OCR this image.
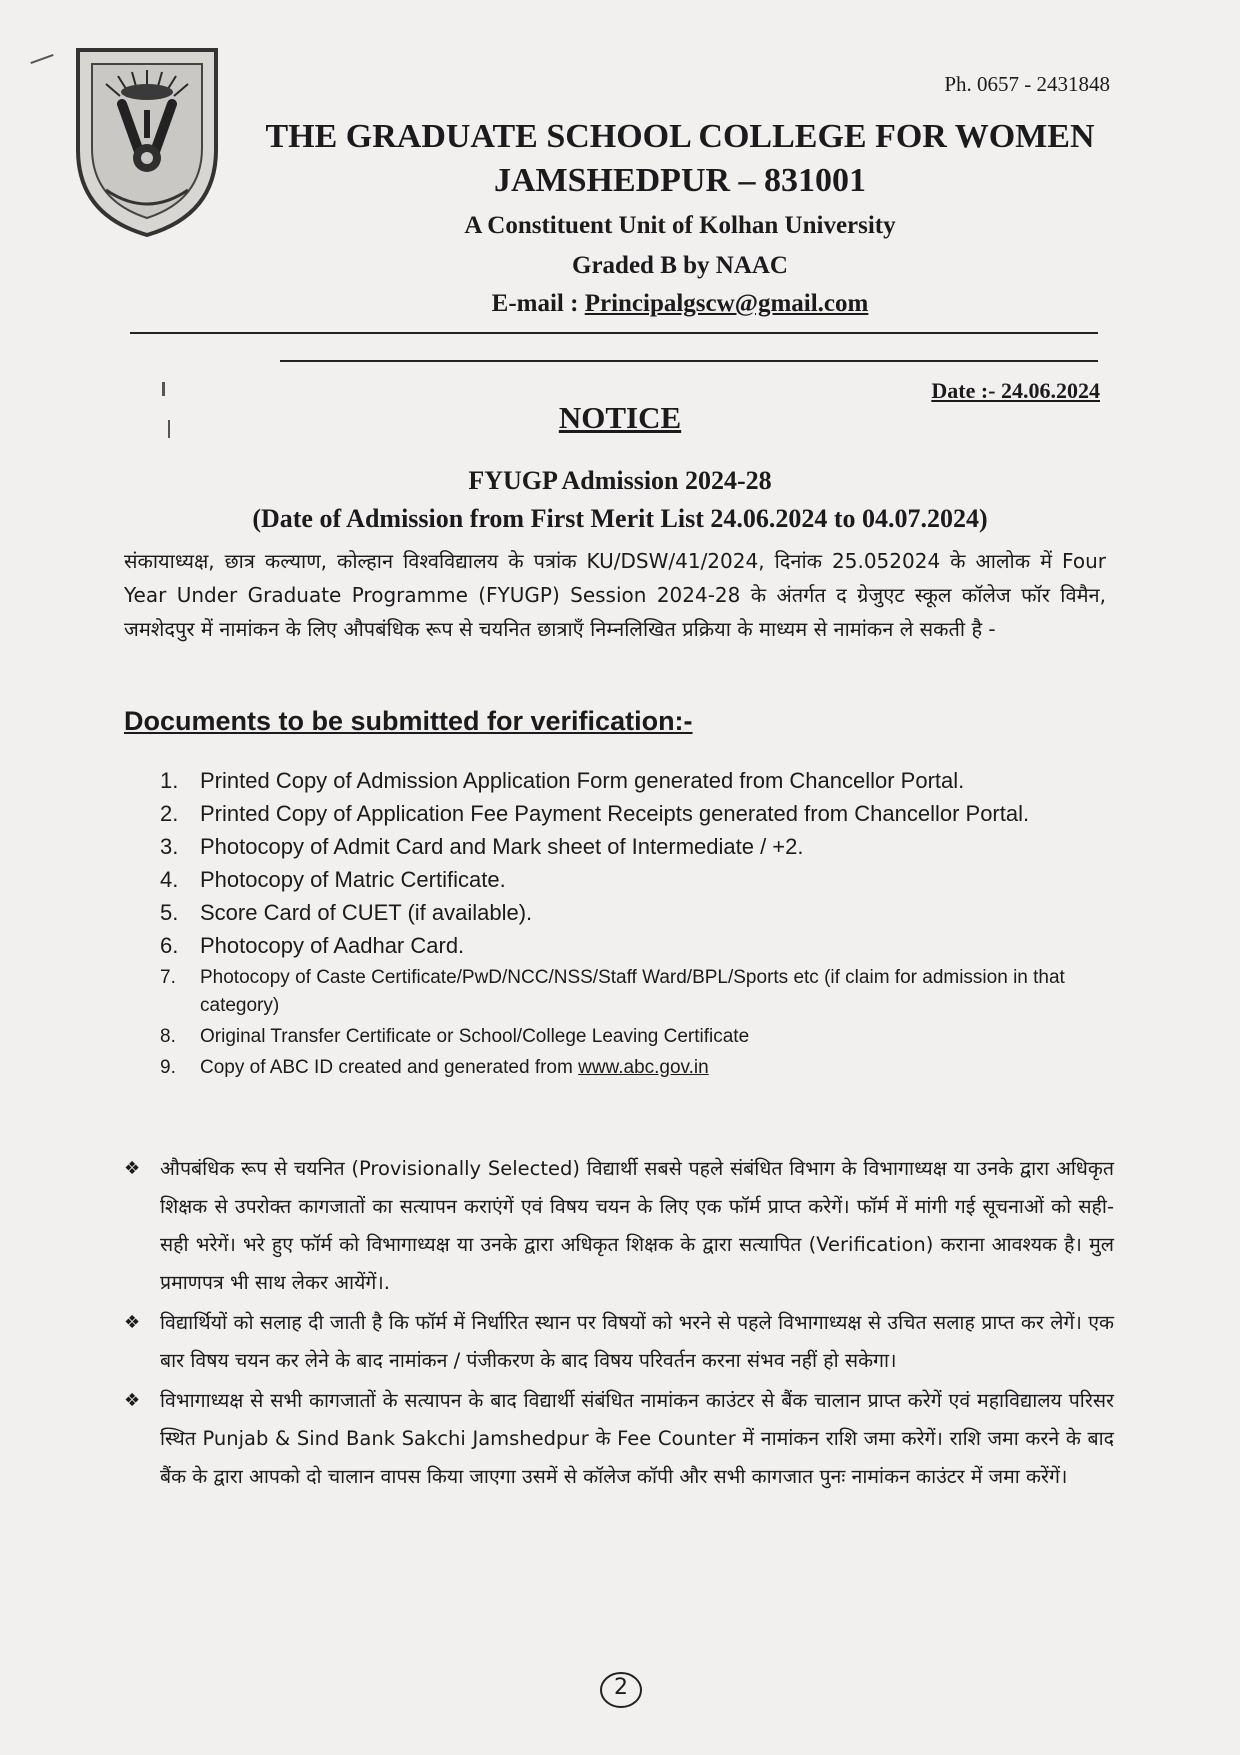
Ph. 0657 - 2431848
THE GRADUATE SCHOOL COLLEGE FOR WOMEN
JAMSHEDPUR – 831001
A Constituent Unit of Kolhan University
Graded B by NAAC
E-mail : Principalgscw@gmail.com
Date :- 24.06.2024
NOTICE
FYUGP Admission 2024-28
(Date of Admission from First Merit List 24.06.2024 to 04.07.2024)
संकायाध्यक्ष, छात्र कल्याण, कोल्हान विश्वविद्यालय के पत्रांक KU/DSW/41/2024, दिनांक 25.052024 के आलोक में Four Year Under Graduate Programme (FYUGP) Session 2024-28 के अंतर्गत द ग्रेजुएट स्कूल कॉलेज फॉर विमैन, जमशेदपुर में नामांकन के लिए औपबंधिक रूप से चयनित छात्राएँ निम्नलिखित प्रक्रिया के माध्यम से नामांकन ले सकती है -
Documents to be submitted for verification:-
1. Printed Copy of Admission Application Form generated from Chancellor Portal.
2. Printed Copy of Application Fee Payment Receipts generated from Chancellor Portal.
3. Photocopy of Admit Card and Mark sheet of Intermediate / +2.
4. Photocopy of Matric Certificate.
5. Score Card of CUET (if available).
6. Photocopy of Aadhar Card.
7. Photocopy of Caste Certificate/PwD/NCC/NSS/Staff Ward/BPL/Sports etc (if claim for admission in that category)
8. Original Transfer Certificate or School/College Leaving Certificate
9. Copy of ABC ID created and generated from www.abc.gov.in
❖ औपबंधिक रूप से चयनित (Provisionally Selected) विद्यार्थी सबसे पहले संबंधित विभाग के विभागाध्यक्ष या उनके द्वारा अधिकृत शिक्षक से उपरोक्त कागजातों का सत्यापन कराएंगें एवं विषय चयन के लिए एक फॉर्म प्राप्त करेगें। फॉर्म में मांगी गई सूचनाओं को सही-सही भरेगें। भरे हुए फॉर्म को विभागाध्यक्ष या उनके द्वारा अधिकृत शिक्षक के द्वारा सत्यापित (Verification) कराना आवश्यक है। मुल प्रमाणपत्र भी साथ लेकर आयेंगें।.
❖ विद्यार्थियों को सलाह दी जाती है कि फॉर्म में निर्धारित स्थान पर विषयों को भरने से पहले विभागाध्यक्ष से उचित सलाह प्राप्त कर लेगें। एक बार विषय चयन कर लेने के बाद नामांकन / पंजीकरण के बाद विषय परिवर्तन करना संभव नहीं हो सकेगा।
❖ विभागाध्यक्ष से सभी कागजातों के सत्यापन के बाद विद्यार्थी संबंधित नामांकन काउंटर से बैंक चालान प्राप्त करेगें एवं महाविद्यालय परिसर स्थित Punjab & Sind Bank Sakchi Jamshedpur के Fee Counter में नामांकन राशि जमा करेगें। राशि जमा करने के बाद बैंक के द्वारा आपको दो चालान वापस किया जाएगा उसमें से कॉलेज कॉपी और सभी कागजात पुनः नामांकन काउंटर में जमा करेंगें।
2
